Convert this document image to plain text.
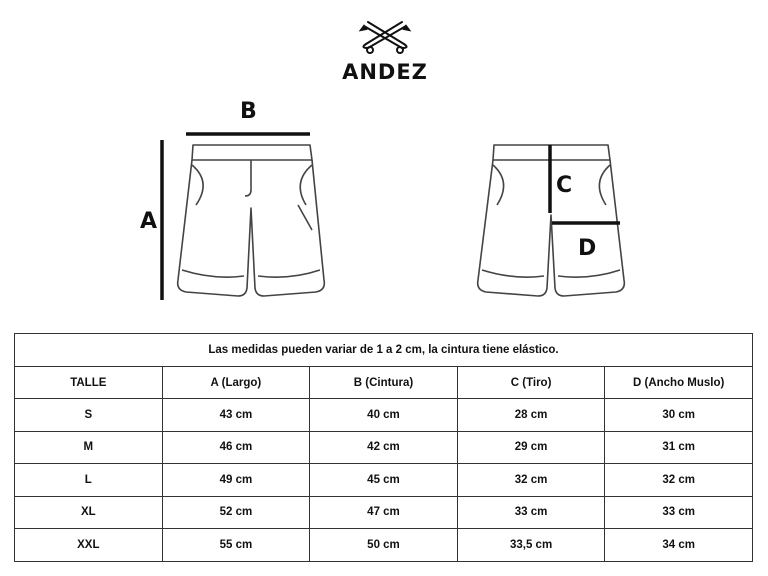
ANDEZ
B
A
C
D
Las medidas pueden variar de 1 a 2 cm, la cintura tiene elástico.				
TALLE	A (Largo)	B (Cintura)	C (Tiro)	D (Ancho Muslo)
S	43 cm	40 cm	28 cm	30 cm
M	46 cm	42 cm	29 cm	31 cm
L	49 cm	45 cm	32 cm	32 cm
XL	52 cm	47 cm	33 cm	33 cm
XXL	55 cm	50 cm	33,5 cm	34 cm
